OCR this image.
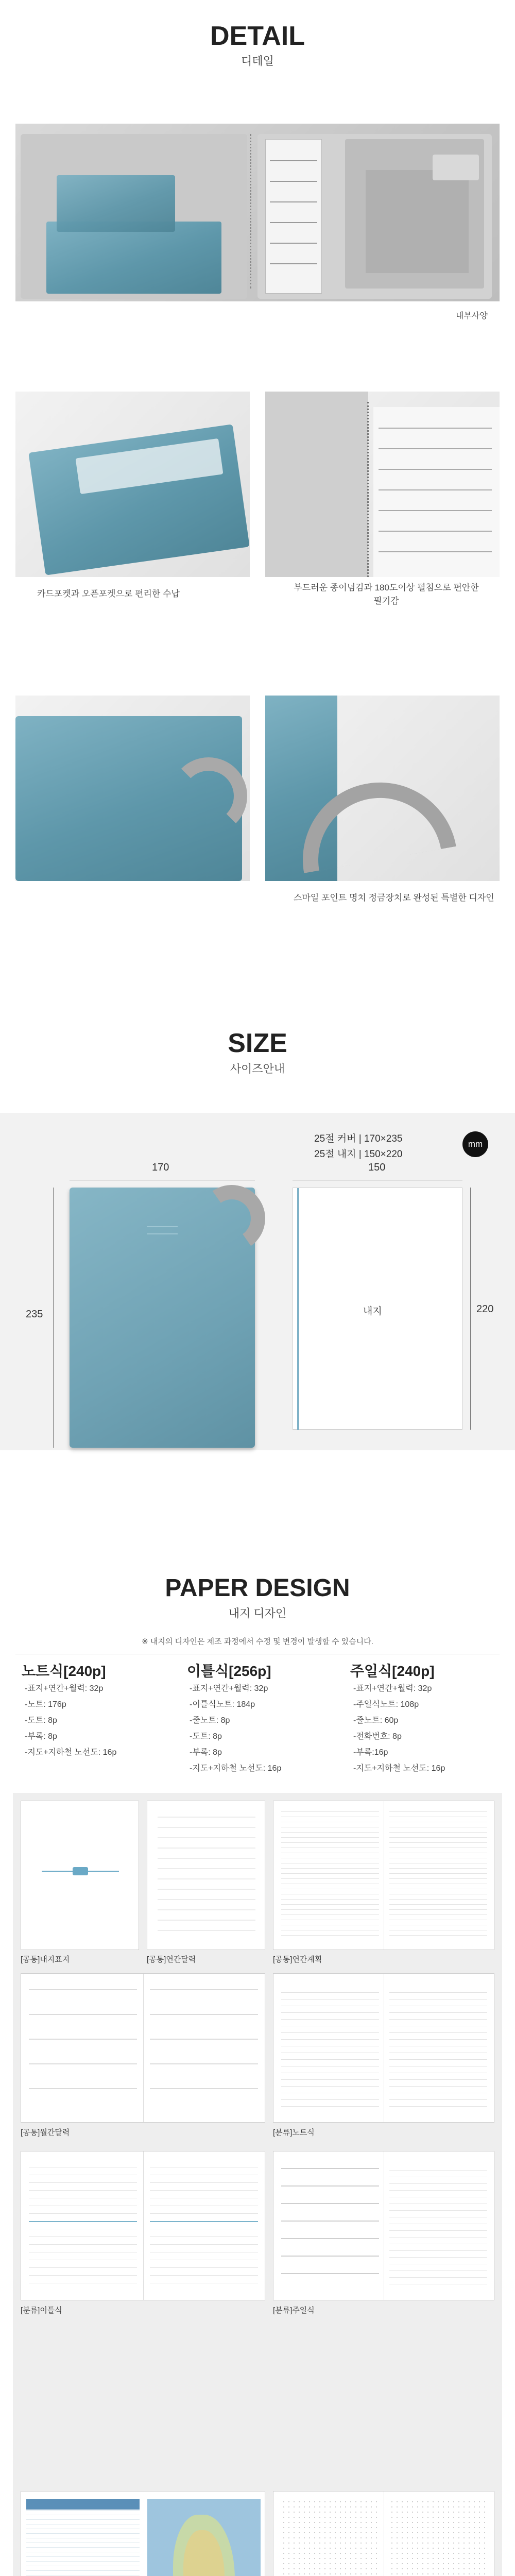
DETAIL
디테일
내부사양
카드포켓과 오픈포켓으로 편리한 수납
부드러운 종이넘김과 180도이상 펼침으로 편안한 필기감
스마일 포인트 명치 정금장치로 완성된 특별한 디자인
SIZE
사이즈안내
25절 커버 | 170×235
25절 내지 | 150×220
mm
170
235
150
내지	220
PAPER DESIGN
내지 디자인
※ 내지의 디자인은 제조 과정에서 수정 및 변경이 발생할 수 있습니다.
노트식[240p]
-표지+연간+월력: 32p
-노트: 176p
-도트: 8p
-부록: 8p
-지도+지하철 노선도: 16p
이틀식[256p]
-표지+연간+월력: 32p
-이틀식노트: 184p
-줄노트: 8p
-도트: 8p
-부록: 8p
-지도+지하철 노선도: 16p
주일식[240p]
-표지+연간+월력: 32p
-주일식노트: 108p
-줄노트: 60p
-전화번호: 8p
-부록:16p
-지도+지하철 노선도: 16p
[공통]내지표지	[공통]연간달력	[공통]연간계획
[공통]월간달력	[분류]노트식
[분류]이틀식	[분류]주일식
